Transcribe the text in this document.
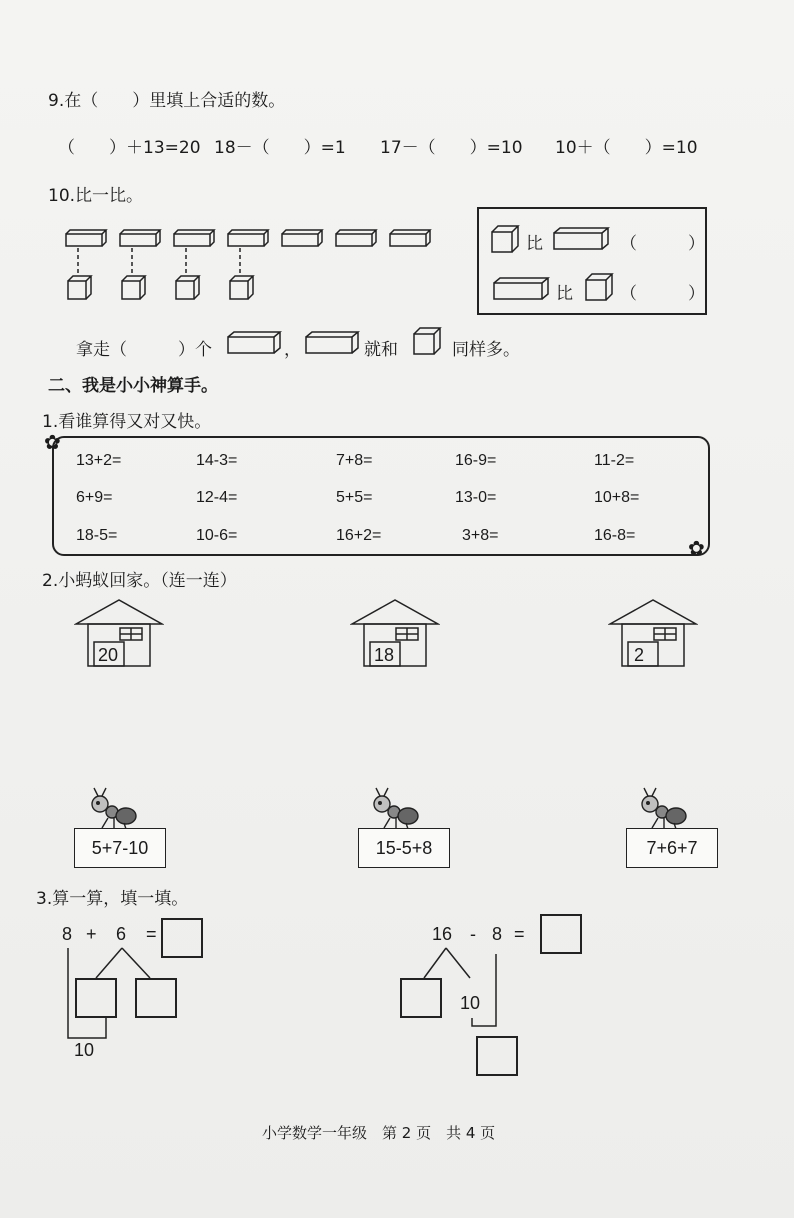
9.在（　　）里填上合适的数。
（　　）＋13=20 18－（　　）=1 17－（　　）=10 10＋（　　）=10
10.比一比。
比	（　　　）
比	（　　　）
拿走（　　　）个	，	就和	同样多。
二、我是小小神算手。
1.看谁算得又对又快。
✿
✿
13+2=	14-3=	7+8=	16-9=	11-2=
6+9=	12-4=	5+5=	13-0=	10+8=
18-5=	10-6=	16+2=	3+8=	16-8=
2.小蚂蚁回家。（连一连）
20	18	2
5+7-10	15-5+8	7+6+7
3.算一算，填一填。
8 + 6 =
10
16 - 8 =
10
小学数学一年级　第 2 页　共 4 页
